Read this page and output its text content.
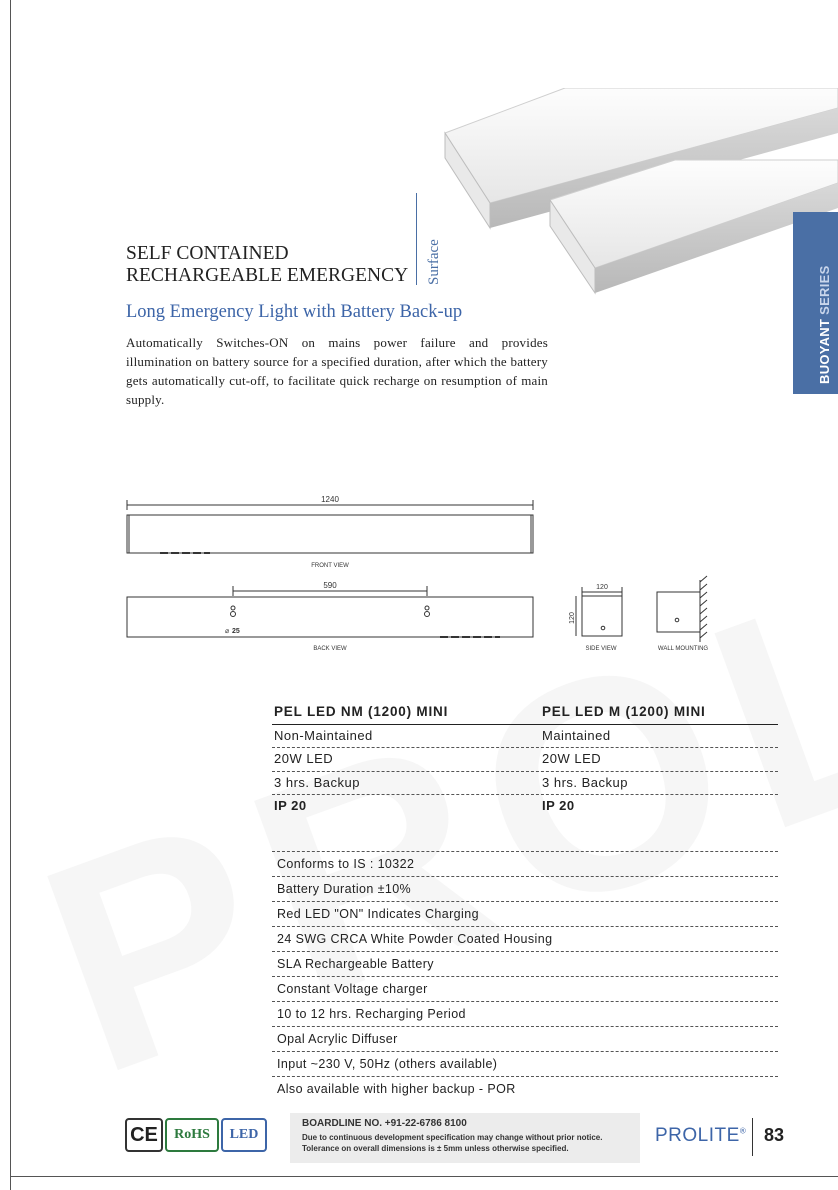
SELF CONTAINED
RECHARGEABLE EMERGENCY Surface
Long Emergency Light with Battery Back-up
Automatically Switches-ON on mains power failure and provides illumination on battery source for a specified duration, after which the battery gets automatically cut-off, to facilitate quick recharge on resumption of main supply.
BUOYANT SERIES
1240
FRONT VIEW
590
⌀ 25
BACK VIEW
120
120
SIDE VIEW	WALL MOUNTING
PEL LED NM (1200) MINI	PEL LED M (1200) MINI
Non-Maintained	Maintained
20W LED	20W LED
3 hrs. Backup	3 hrs. Backup
IP 20	IP 20
Conforms to IS : 10322
Battery Duration ±10%
Red LED "ON" Indicates Charging
24 SWG CRCA White Powder Coated Housing
SLA Rechargeable Battery
Constant Voltage charger
10 to 12 hrs. Recharging Period
Opal Acrylic Diffuser
Input ~230 V, 50Hz (others available)
Also available with higher backup - POR
CE	RoHS	LED
BOARDLINE NO. +91-22-6786 8100
Due to continuous development specification may change without prior notice.
Tolerance on overall dimensions is ± 5mm unless otherwise specified.
PROLITE® 83
